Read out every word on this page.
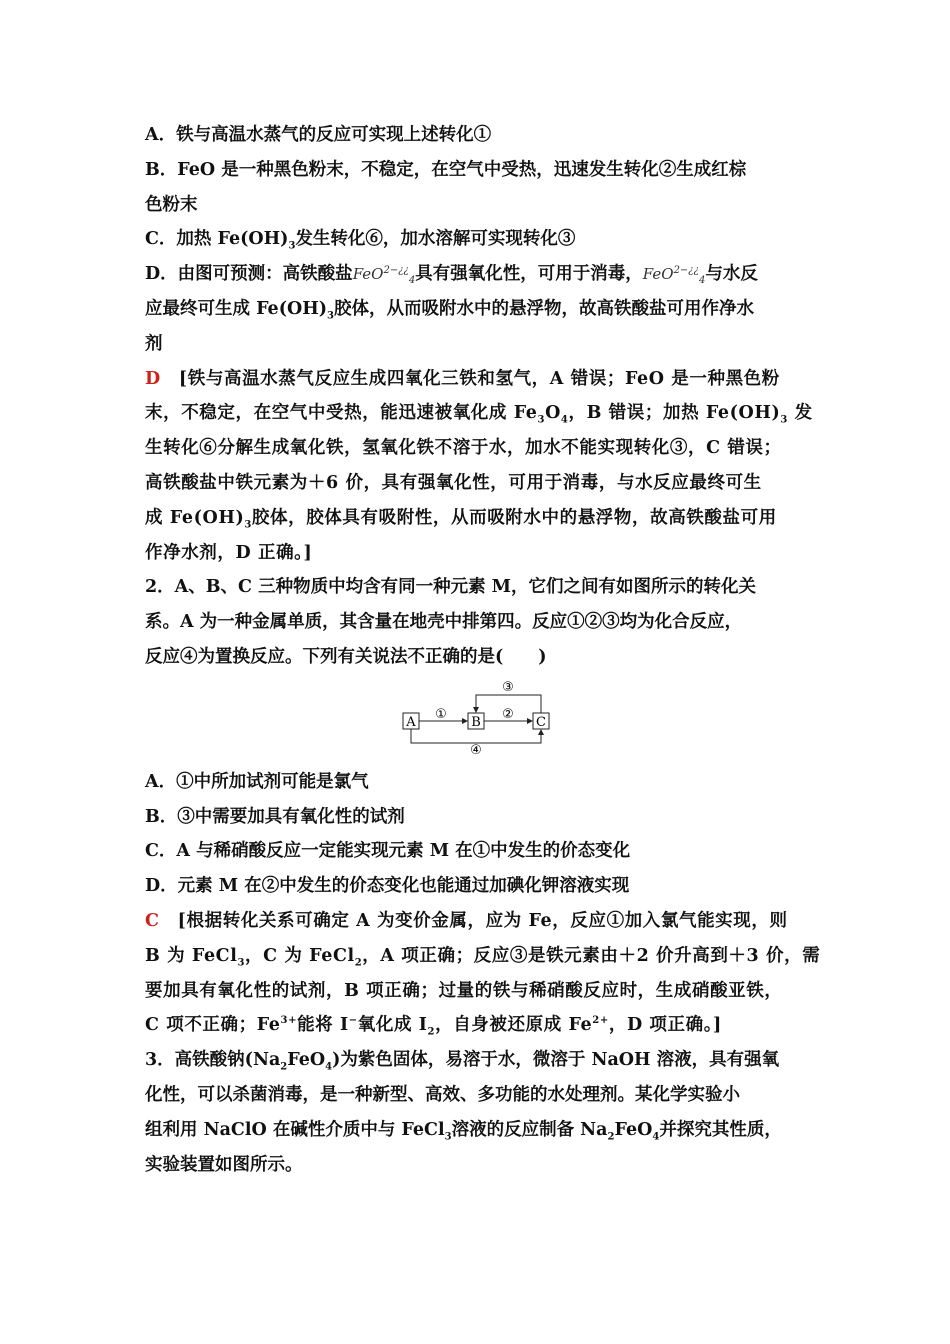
A．铁与高温水蒸气的反应可实现上述转化①
B．FeO 是一种黑色粉末，不稳定，在空气中受热，迅速发生转化②生成红棕
色粉末
C．加热 $Fe(OH)_3$发生转化⑥，加水溶解可实现转化③
D．由图可预测：高铁酸盐FeO$^{2-¿¿}_4$具有强氧化性，可用于消毒，FeO$^{2-¿¿}_4$与水反
应最终可生成 $Fe(OH)_3$胶体，从而吸附水中的悬浮物，故高铁酸盐可用作净水
剂
D　 [铁与高温水蒸气反应生成四氧化三铁和氢气，A 错误；FeO 是一种黑色粉
末，不稳定，在空气中受热，能迅速被氧化成 $Fe_3O_4$，B 错误；加热 $Fe(OH)_3$ 发
生转化⑥分解生成氧化铁，氢氧化铁不溶于水，加水不能实现转化③，C 错误；
高铁酸盐中铁元素为＋6 价，具有强氧化性，可用于消毒，与水反应最终可生
成 $Fe(OH)_3$胶体，胶体具有吸附性，从而吸附水中的悬浮物，故高铁酸盐可用
作净水剂，D 正确。]
2．A、B、C 三种物质中均含有同一种元素 M，它们之间有如图所示的转化关
系。A 为一种金属单质，其含量在地壳中排第四。反应①②③均为化合反应，
反应④为置换反应。下列有关说法不正确的是(　　)
A	B	C
①	②
③
④
A．①中所加试剂可能是氯气
B．③中需要加具有氧化性的试剂
C．A 与稀硝酸反应一定能实现元素 M 在①中发生的价态变化
D．元素 M 在②中发生的价态变化也能通过加碘化钾溶液实现
C　 [根据转化关系可确定 A 为变价金属，应为 Fe，反应①加入氯气能实现，则
B 为 FeCl$_3$，C 为 FeCl$_2$，A 项正确；反应③是铁元素由＋2 价升高到＋3 价，需
要加具有氧化性的试剂，B 项正确；过量的铁与稀硝酸反应时，生成硝酸亚铁，
C 项不正确；$Fe^{3+}$能将 I−氧化成 $I_2$，自身被还原成 $Fe^{2+}$，D 项正确。]
3．高铁酸钠$(Na_2FeO_4)$为紫色固体，易溶于水，微溶于 NaOH 溶液，具有强氧
化性，可以杀菌消毒，是一种新型、高效、多功能的水处理剂。某化学实验小
组利用 NaClO 在碱性介质中与 FeCl$_3$溶液的反应制备 $Na_2FeO_4$并探究其性质，
实验装置如图所示。
